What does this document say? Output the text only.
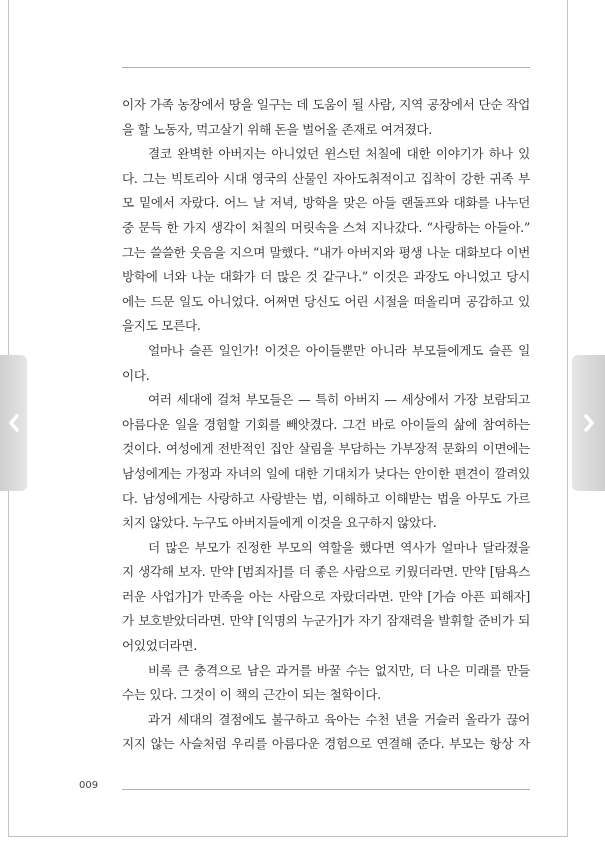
이자 가족 농장에서 땅을 일구는 데 도움이 될 사람, 지역 공장에서 단순 작업
을 할 노동자, 먹고살기 위해 돈을 벌어올 존재로 여겨졌다.
결코 완벽한 아버지는 아니었던 윈스턴 처칠에 대한 이야기가 하나 있
다. 그는 빅토리아 시대 영국의 산물인 자아도취적이고 집착이 강한 귀족 부
모 밑에서 자랐다. 어느 날 저녁, 방학을 맞은 아들 랜돌프와 대화를 나누던
중 문득 한 가지 생각이 처칠의 머릿속을 스쳐 지나갔다. “사랑하는 아들아.”
그는 쓸쓸한 웃음을 지으며 말했다. “내가 아버지와 평생 나눈 대화보다 이번
방학에 너와 나눈 대화가 더 많은 것 같구나.” 이것은 과장도 아니었고 당시
에는 드문 일도 아니었다. 어쩌면 당신도 어린 시절을 떠올리며 공감하고 있
을지도 모른다.
얼마나 슬픈 일인가! 이것은 아이들뿐만 아니라 부모들에게도 슬픈 일
이다.
여러 세대에 걸쳐 부모들은 — 특히 아버지 — 세상에서 가장 보람되고
아름다운 일을 경험할 기회를 빼앗겼다. 그건 바로 아이들의 삶에 참여하는
것이다. 여성에게 전반적인 집안 살림을 부담하는 가부장적 문화의 이면에는
남성에게는 가정과 자녀의 일에 대한 기대치가 낮다는 안이한 편견이 깔려있
다. 남성에게는 사랑하고 사랑받는 법, 이해하고 이해받는 법을 아무도 가르
치지 않았다. 누구도 아버지들에게 이것을 요구하지 않았다.
더 많은 부모가 진정한 부모의 역할을 했다면 역사가 얼마나 달라졌을
지 생각해 보자. 만약 [범죄자]를 더 좋은 사람으로 키웠더라면. 만약 [탐욕스
러운 사업가]가 만족을 아는 사람으로 자랐더라면. 만약 [가슴 아픈 피해자]
가 보호받았더라면. 만약 [익명의 누군가]가 자기 잠재력을 발휘할 준비가 되
어있었더라면.
비록 큰 충격으로 남은 과거를 바꿀 수는 없지만, 더 나은 미래를 만들
수는 있다. 그것이 이 책의 근간이 되는 철학이다.
과거 세대의 결점에도 불구하고 육아는 수천 년을 거슬러 올라가 끊어
지지 않는 사슬처럼 우리를 아름다운 경험으로 연결해 준다. 부모는 항상 자
009
